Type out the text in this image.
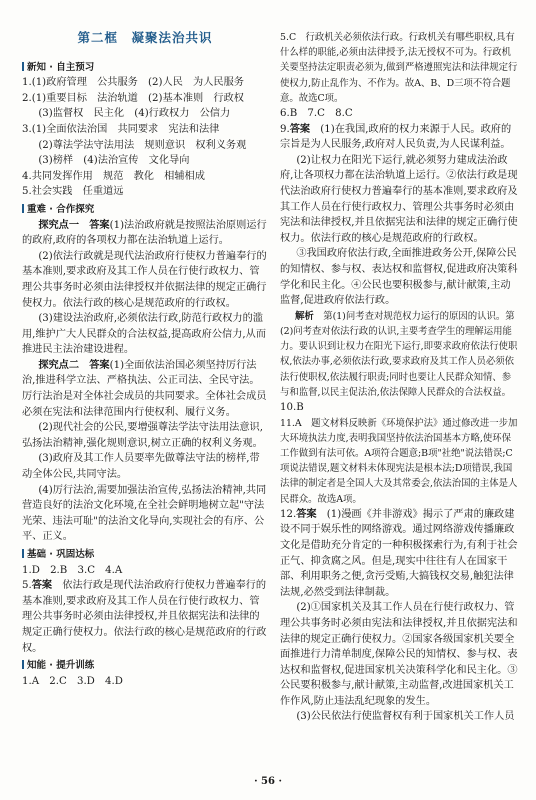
第二框　凝聚法治共识

新知 · 自主预习

1.(1)政府管理　公共服务　(2)人民　为人民服务

2.(1)重要目标　法治轨道　(2)基本准则　行政权

(3)监督权　民主化　(4)行政权力　公信力

3.(1)全面依法治国　共同要求　宪法和法律

(2)尊法学法守法用法　规则意识　权利义务观

(3)榜样　(4)法治宣传　文化导向

4.共同发挥作用　规范　教化　相辅相成

5.社会实践　任重道远

重难 · 合作探究

探究点一　 答案(1)法治政府就是按照法治原则运行的政府,政府的各项权力都在法治轨道上运行。

(2)依法行政就是现代法治政府行使权力普遍奉行的基本准则,要求政府及其工作人员在行使行政权力、管理公共事务时必须由法律授权并依据法律的规定正确行使权力。依法行政的核心是规范政府的行政权。

(3)建设法治政府,必须依法行政,防范行政权力的滥用,维护广大人民群众的合法权益,提高政府公信力,从而推进民主法治建设进程。

探究点二　 答案(1)全面依法治国必须坚持厉行法治,推进科学立法、严格执法、公正司法、全民守法。厉行法治是对全体社会成员的共同要求。全体社会成员必须在宪法和法律范围内行使权利、履行义务。

(2)现代社会的公民,要增强尊法学法守法用法意识,弘扬法治精神,强化规则意识,树立正确的权利义务观。

(3)政府及其工作人员要率先做尊法守法的榜样,带动全体公民,共同守法。

(4)厉行法治,需要加强法治宣传,弘扬法治精神,共同营造良好的法治文化环境,在全社会鲜明地树立起"守法光荣、违法可耻"的法治文化导向,实现社会的有序、公平、正义。

基础 · 巩固达标

1.D　2.B　3.C　4.A

5.答案　 依法行政是现代法治政府行使权力普遍奉行的基本准则,要求政府及其工作人员在行使行政权力、管理公共事务时必须由法律授权,并且依据宪法和法律的规定正确行使权力。依法行政的核心是规范政府的行政权。

知能 · 提升训练

1.A　2.C　3.D　4.D

5.C　行政机关必须依法行政。行政机关有哪些职权,具有什么样的职能,必须由法律授予,法无授权不可为。行政机关要坚持法定职责必须为,做到严格遵照宪法和法律规定行使权力,防止乱作为、不作为。故A、B、D三项不符合题意。故选C项。

6.B　7.C　8.C

9.答案　 (1)在我国,政府的权力来源于人民。政府的宗旨是为人民服务,政府对人民负责,为人民谋利益。

(2)让权力在阳光下运行,就必须努力建成法治政府,让各项权力都在法治轨道上运行。②依法行政是现代法治政府行使权力普遍奉行的基本准则,要求政府及其工作人员在行使行政权力、管理公共事务时必须由宪法和法律授权,并且依据宪法和法律的规定正确行使权力。依法行政的核心是规范政府的行政权。

③我国政府依法行政,全面推进政务公开,保障公民的知情权、参与权、表达权和监督权,促进政府决策科学化和民主化。④公民也要积极参与,献计献策,主动监督,促进政府依法行政。

解析　 第(1)问考查对规范权力运行的原因的认识。第(2)问考查对依法行政的认识,主要考查学生的理解运用能力。要认识到让权力在阳光下运行,即要求政府依法行使职权,依法办事,必须依法行政,要求政府及其工作人员必须依法行使职权,依法履行职责;同时也要让人民群众知情、参与和监督,以民主促法治,依法保障人民群众的合法权益。

10.B

11.A　 题文材料反映新《环境保护法》通过修改进一步加大环境执法力度,表明我国坚持依法治国基本方略,使环保工作做到有法可依。A项符合题意;B项"社绝"说法错误;C项说法错误,题文材料未体现宪法是根本法;D项错误,我国法律的制定者是全国人大及其常委会,依法治国的主体是人民群众。故选A项。

12.答案　 (1)漫画《并非游戏》揭示了严肃的廉政建设不同于娱乐性的网络游戏。通过网络游戏传播廉政文化是借助充分肯定的一种积极探索行为,有利于社会正气、抑贪腐之风。但是,现实中往往有人在国家干部、利用职务之便,贪污受贿,大搞钱权交易,触犯法律法规,必然受到法律制裁。

(2)①国家机关及其工作人员在行使行政权力、管理公共事务时必须由宪法和法律授权,并且依据宪法和法律的规定正确行使权力。②国家各级国家机关要全面推进行力清单制度,保障公民的知情权、参与权、表达权和监督权,促进国家机关决策科学化和民主化。③公民要积极参与,献计献策,主动监督,改进国家机关工作作风,防止违法乱纪现象的发生。

(3)公民依法行使监督权有利于国家机关工作人员

· 56 ·
